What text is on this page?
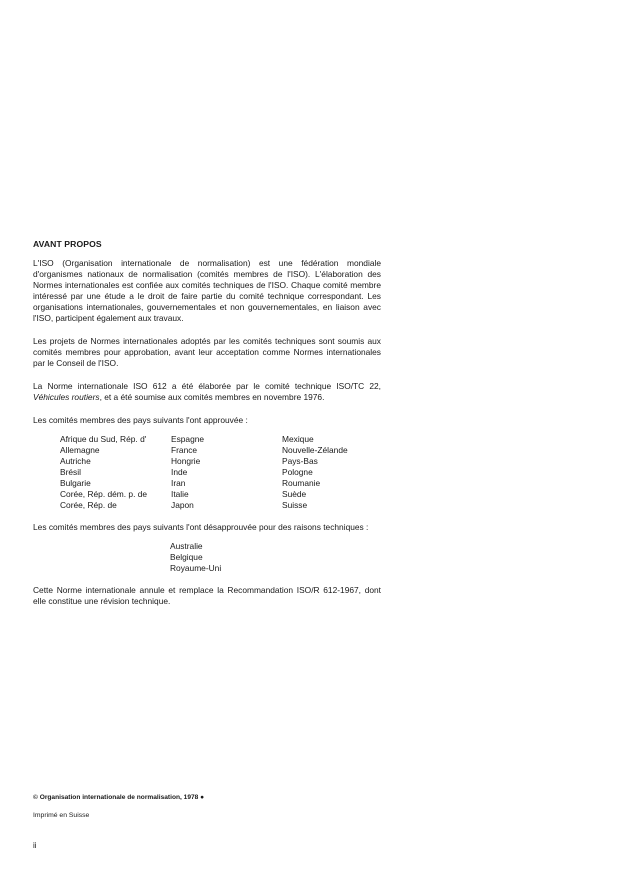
AVANT PROPOS

L'ISO (Organisation internationale de normalisation) est une fédération mondiale d'organismes nationaux de normalisation (comités membres de l'ISO). L'élaboration des Normes internationales est confiée aux comités techniques de l'ISO. Chaque comité membre intéressé par une étude a le droit de faire partie du comité technique correspondant. Les organisations internationales, gouvernementales et non gouvernementales, en liaison avec l'ISO, participent également aux travaux.

Les projets de Normes internationales adoptés par les comités techniques sont soumis aux comités membres pour approbation, avant leur acceptation comme Normes internationales par le Conseil de l'ISO.

La Norme internationale ISO 612 a été élaborée par le comité technique ISO/TC 22, Véhicules routiers, et a été soumise aux comités membres en novembre 1976.

Les comités membres des pays suivants l'ont approuvée :

Afrique du Sud, Rép. d'
Allemagne
Autriche
Brésil
Bulgarie
Corée, Rép. dém. p. de
Corée, Rép. de
Espagne
France
Hongrie
Inde
Iran
Italie
Japon
Mexique
Nouvelle-Zélande
Pays-Bas
Pologne
Roumanie
Suède
Suisse

Les comités membres des pays suivants l'ont désapprouvée pour des raisons techniques :

Australie
Belgique
Royaume-Uni

Cette Norme internationale annule et remplace la Recommandation ISO/R 612-1967, dont elle constitue une révision technique.

© Organisation internationale de normalisation, 1978 ●
Imprimé en Suisse
ii
